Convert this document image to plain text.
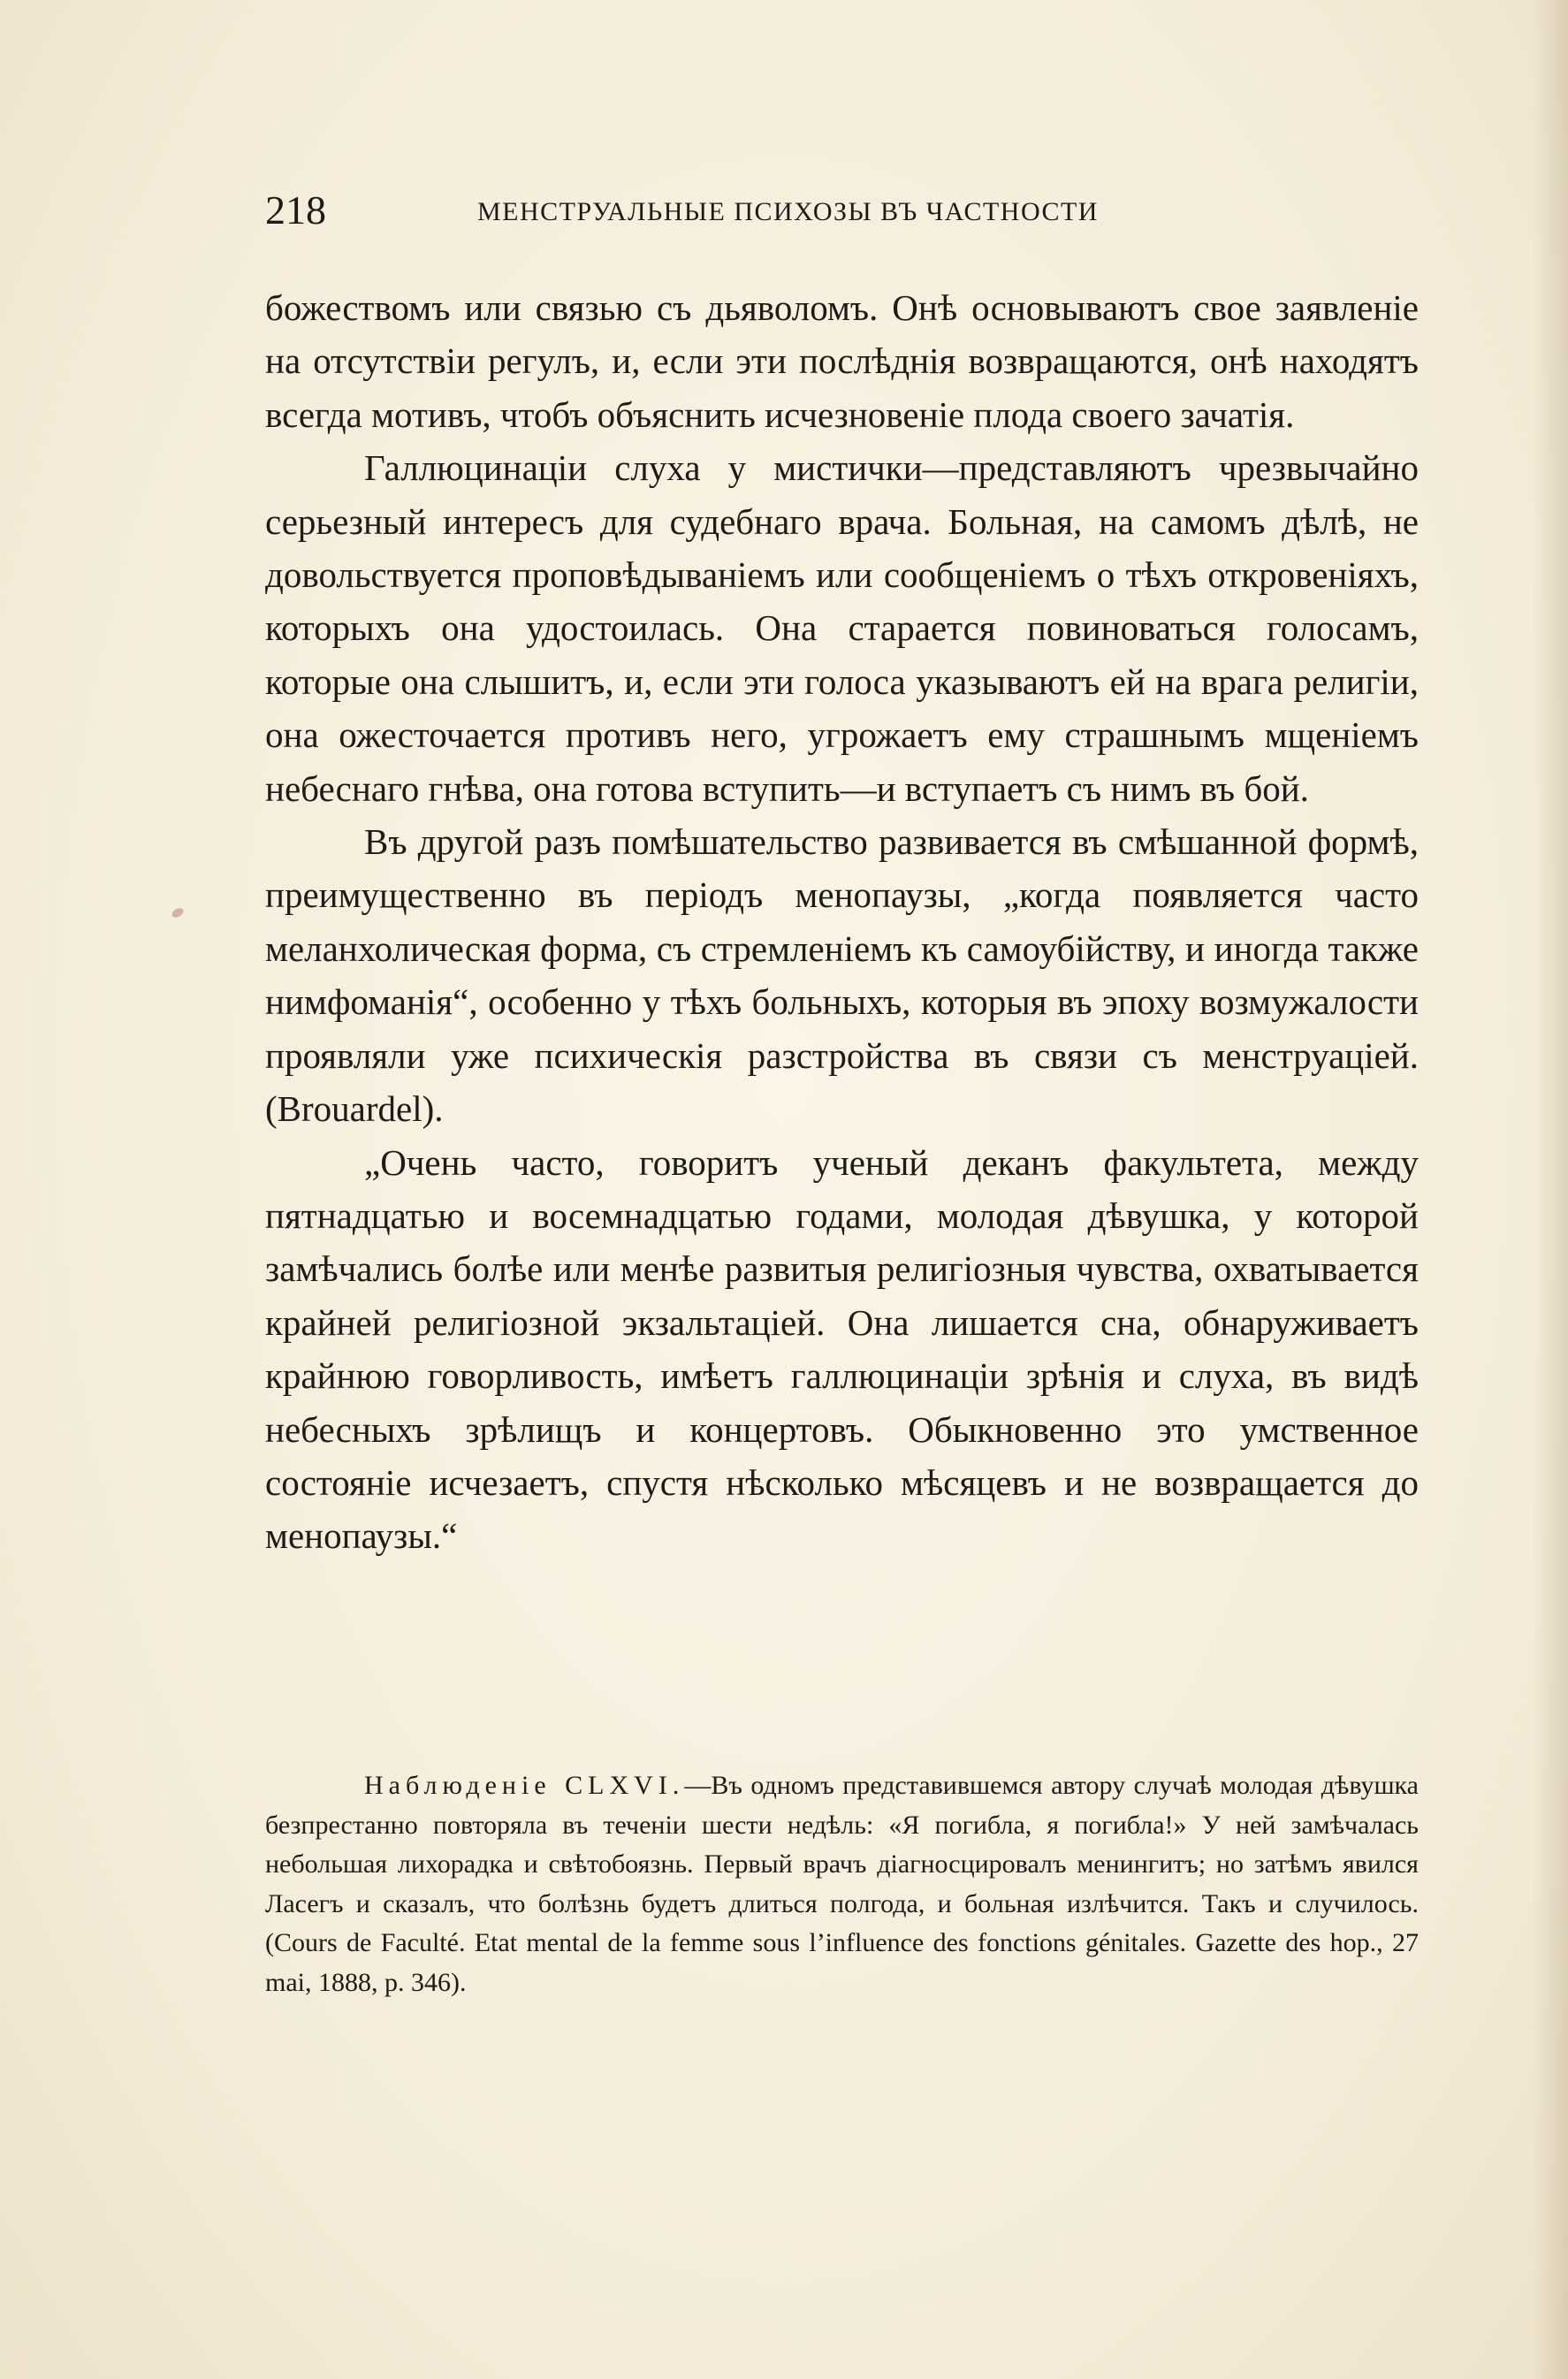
218	МЕНСТРУАЛЬНЫЕ ПСИХОЗЫ ВЪ ЧАСТНОСТИ

божествомъ или связью съ дьяволомъ. Онѣ основываютъ свое заявленіе на отсутствіи регулъ, и, если эти послѣднія возвращаются, онѣ находятъ всегда мотивъ, чтобъ объяснить исчезновеніе плода своего зачатія.

Галлюцинаціи слуха у мистички—представляютъ чрезвычайно серьезный интересъ для судебнаго врача. Больная, на самомъ дѣлѣ, не довольствуется проповѣдываніемъ или сообщеніемъ о тѣхъ откровеніяхъ, которыхъ она удостоилась. Она старается повиноваться голосамъ, которые она слышитъ, и, если эти голоса указываютъ ей на врага религіи, она ожесточается противъ него, угрожаетъ ему страшнымъ мщеніемъ небеснаго гнѣва, она готова вступить—и вступаетъ съ нимъ въ бой.

Въ другой разъ помѣшательство развивается въ смѣшанной формѣ, преимущественно въ періодъ менопаузы, „когда появляется часто меланхолическая форма, съ стремленіемъ къ самоубійству, и иногда также нимфоманія“, особенно у тѣхъ больныхъ, которыя въ эпоху возмужалости проявляли уже психическія разстройства въ связи съ менструаціей. (Brouardel).

„Очень часто, говоритъ ученый деканъ факультета, между пятнадцатью и восемнадцатью годами, молодая дѣвушка, у которой замѣчались болѣе или менѣе развитыя религіозныя чувства, охватывается крайней религіозной экзальтаціей. Она лишается сна, обнаруживаетъ крайнюю говорливость, имѣетъ галлюцинаціи зрѣнія и слуха, въ видѣ небесныхъ зрѣлищъ и концертовъ. Обыкновенно это умственное состояніе исчезаетъ, спустя нѣсколько мѣсяцевъ и не возвращается до менопаузы.“

Наблюденіе CLXVI.—Въ одномъ представившемся автору случаѣ молодая дѣвушка безпрестанно повторяла въ теченіи шести недѣль: «Я погибла, я погибла!» У ней замѣчалась небольшая лихорадка и свѣтобоязнь. Первый врачъ діагносцировалъ менингитъ; но затѣмъ явился Ласегъ и сказалъ, что болѣзнь будетъ длиться полгода, и больная излѣчится. Такъ и случилось. (Cours de Faculté. Etat mental de la femme sous l’influence des fonctions génitales. Gazette des hop., 27 mai, 1888, p. 346).
